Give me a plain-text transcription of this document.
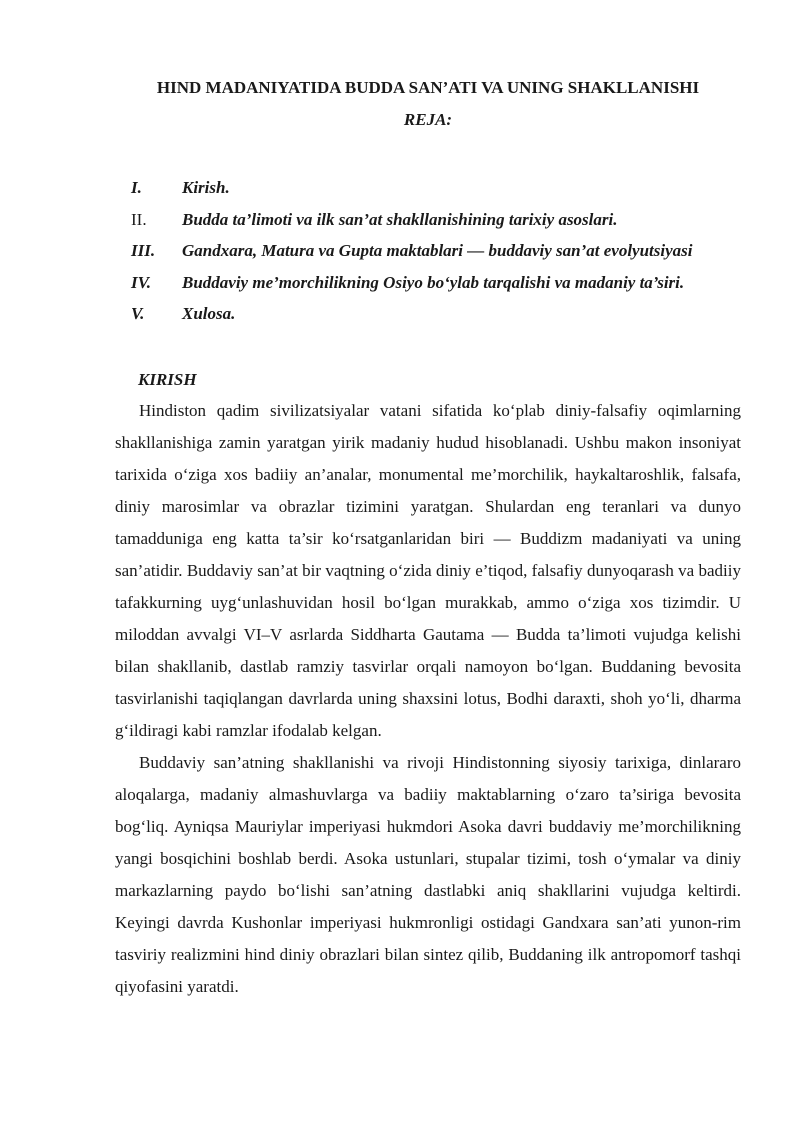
HIND MADANIYATIDA BUDDA SAN’ATI VA UNING SHAKLLANISHI
REJA:
I.	Kirish.
II.	Budda ta’limoti va ilk san’at shakllanishining tarixiy asoslari.
III.	Gandxara, Matura va Gupta maktablari — buddaviy san’at evolyutsiyasi
IV.	Buddaviy me’morchilikning Osiyo bo‘ylab tarqalishi va madaniy ta’siri.
V.	Xulosa.
KIRISH

Hindiston qadim sivilizatsiyalar vatani sifatida ko‘plab diniy-falsafiy oqimlarning shakllanishiga zamin yaratgan yirik madaniy hudud hisoblanadi. Ushbu makon insoniyat tarixida o‘ziga xos badiiy an’analar, monumental me’morchilik, haykaltaroshlik, falsafa, diniy marosimlar va obrazlar tizimini yaratgan. Shulardan eng teranlari va dunyo tamadduniga eng katta ta’sir ko‘rsatganlaridan biri — Buddizm madaniyati va uning san’atidir. Buddaviy san’at bir vaqtning o‘zida diniy e’tiqod, falsafiy dunyoqarash va badiiy tafakkurning uyg‘unlashuvidan hosil bo‘lgan murakkab, ammo o‘ziga xos tizimdir. U miloddan avvalgi VI–V asrlarda Siddharta Gautama — Budda ta’limoti vujudga kelishi bilan shakllanib, dastlab ramziy tasvirlar orqali namoyon bo‘lgan. Buddaning bevosita tasvirlanishi taqiqlangan davrlarda uning shaxsini lotus, Bodhi daraxti, shoh yo‘li, dharma g‘ildiragi kabi ramzlar ifodalab kelgan.

Buddaviy san’atning shakllanishi va rivoji Hindistonning siyosiy tarixiga, dinlararo aloqalarga, madaniy almashuvlarga va badiiy maktablarning o‘zaro ta’siriga bevosita bog‘liq. Ayniqsa Mauriylar imperiyasi hukmdori Asoka davri buddaviy me’morchilikning yangi bosqichini boshlab berdi. Asoka ustunlari, stupalar tizimi, tosh o‘ymalar va diniy markazlarning paydo bo‘lishi san’atning dastlabki aniq shakllarini vujudga keltirdi. Keyingi davrda Kushonlar imperiyasi hukmronligi ostidagi Gandxara san’ati yunon-rim tasviriy realizmini hind diniy obrazlari bilan sintez qilib, Buddaning ilk antropomorf tashqi qiyofasini yaratdi.
